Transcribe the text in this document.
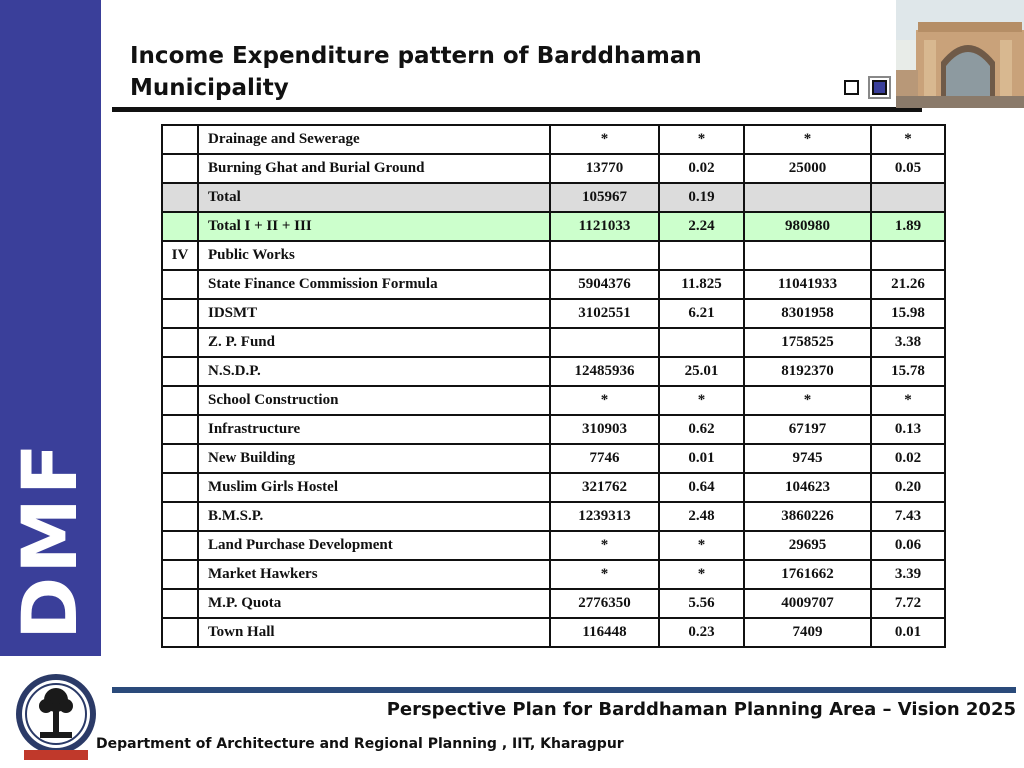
DMF
Income Expenditure pattern of Barddhaman
Municipality
	Drainage and Sewerage	*	*	*	*
	Burning Ghat and Burial Ground	13770	0.02	25000	0.05
	Total	105967	0.19		
	Total I + II + III	1121033	2.24	980980	1.89
IV	Public Works				
	State Finance Commission Formula	5904376	11.825	11041933	21.26
	IDSMT	3102551	6.21	8301958	15.98
	Z. P. Fund			1758525	3.38
	N.S.D.P.	12485936	25.01	8192370	15.78
	School Construction	*	*	*	*
	Infrastructure	310903	0.62	67197	0.13
	New Building	7746	0.01	9745	0.02
	Muslim Girls Hostel	321762	0.64	104623	0.20
	B.M.S.P.	1239313	2.48	3860226	7.43
	Land Purchase Development	*	*	29695	0.06
	Market Hawkers	*	*	1761662	3.39
	M.P. Quota	2776350	5.56	4009707	7.72
	Town Hall	116448	0.23	7409	0.01
Perspective Plan for Barddhaman Planning Area – Vision 2025
Department of Architecture and Regional Planning , IIT, Kharagpur
